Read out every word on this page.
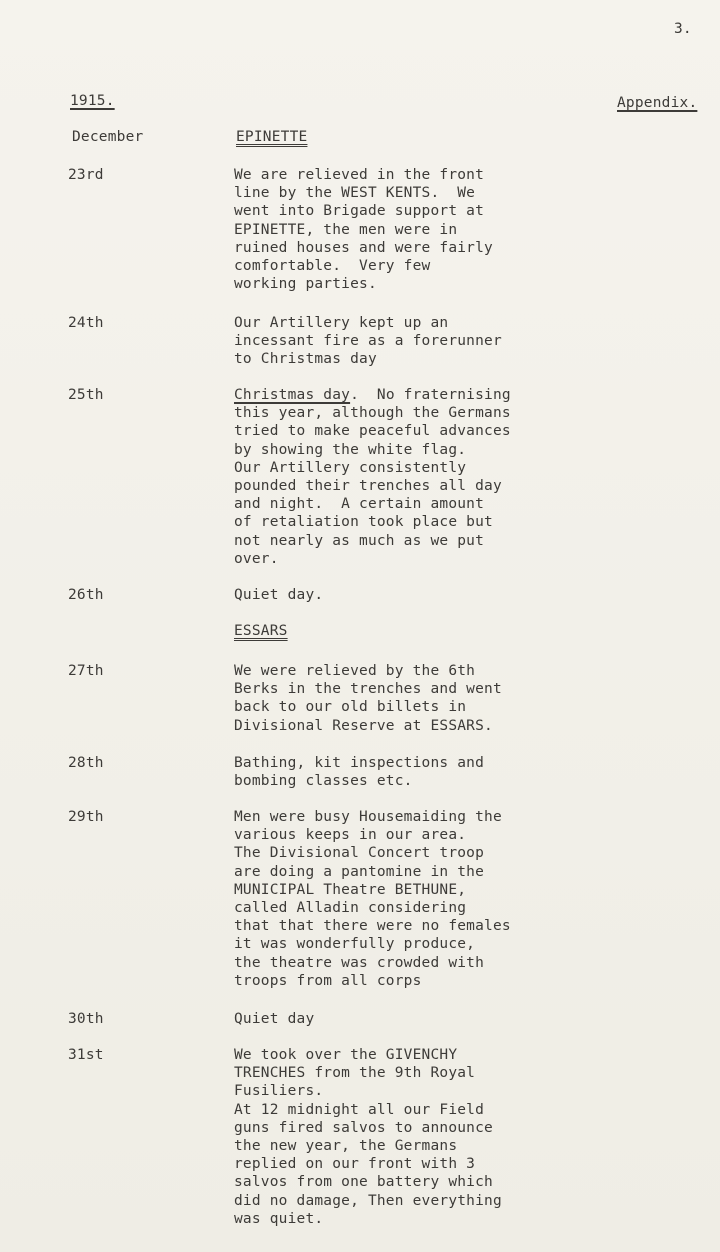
3.
1915.	Appendix.
December	EPINETTE
23rd	We are relieved in the front
line by the WEST KENTS.  We
went into Brigade support at
EPINETTE, the men were in
ruined houses and were fairly
comfortable.  Very few
working parties.
24th	Our Artillery kept up an
incessant fire as a forerunner
to Christmas day
25th	Christmas day.  No fraternising
this year, although the Germans
tried to make peaceful advances
by showing the white flag.
Our Artillery consistently
pounded their trenches all day
and night.  A certain amount
of retaliation took place but
not nearly as much as we put
over.
26th	Quiet day.
ESSARS
27th	We were relieved by the 6th
Berks in the trenches and went
back to our old billets in
Divisional Reserve at ESSARS.
28th	Bathing, kit inspections and
bombing classes etc.
29th	Men were busy Housemaiding the
various keeps in our area.
The Divisional Concert troop
are doing a pantomine in the
MUNICIPAL Theatre BETHUNE,
called Alladin considering
that that there were no females
it was wonderfully produce,
the theatre was crowded with
troops from all corps
30th	Quiet day
31st	We took over the GIVENCHY
TRENCHES from the 9th Royal
Fusiliers.
At 12 midnight all our Field
guns fired salvos to announce
the new year, the Germans
replied on our front with 3
salvos from one battery which
did no damage, Then everything
was quiet.
